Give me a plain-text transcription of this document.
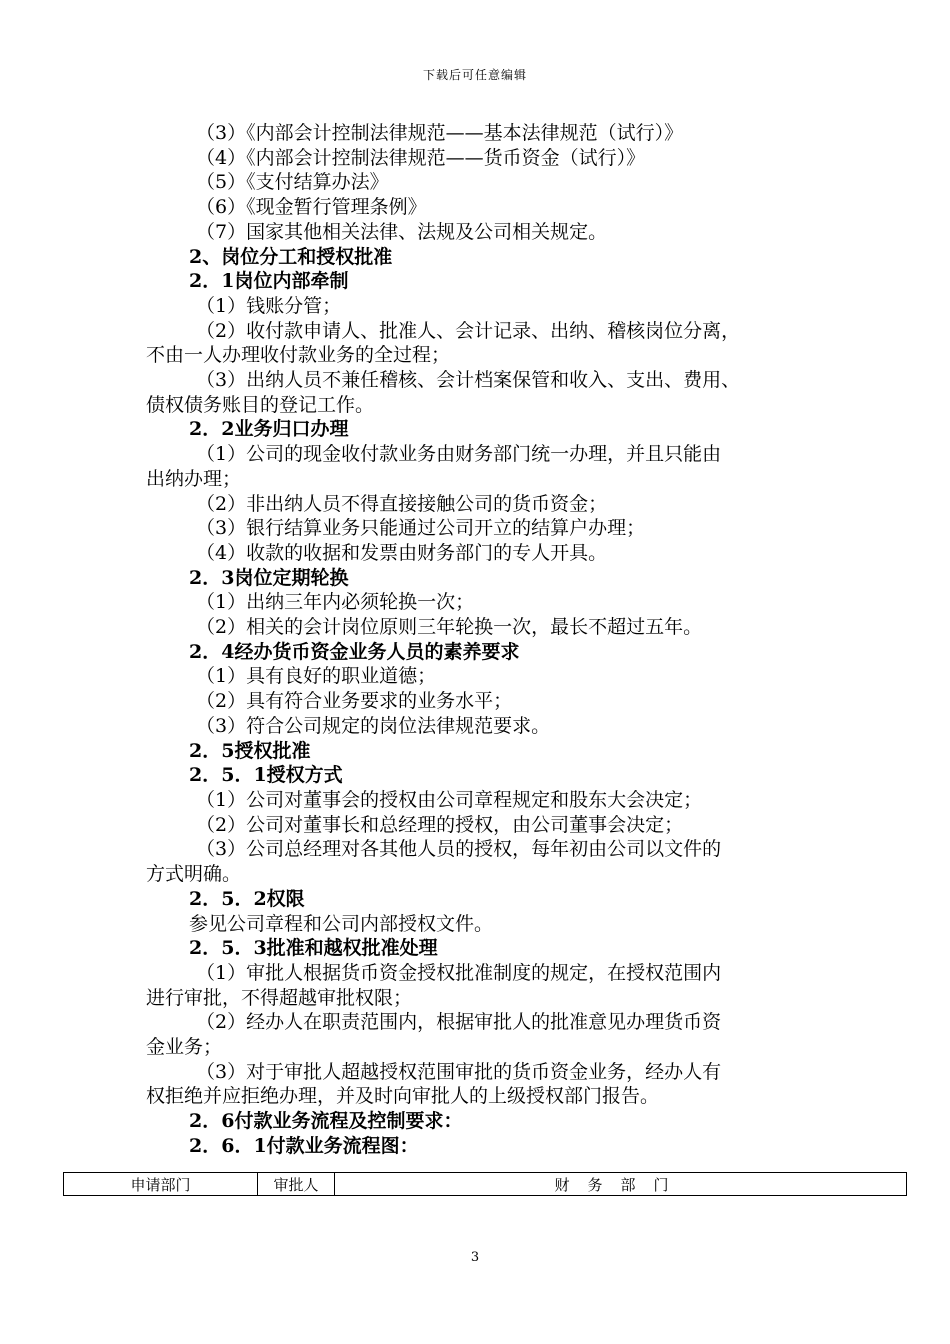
下载后可任意编辑
（3）《内部会计控制法律规范——基本法律规范（试行）》
（4）《内部会计控制法律规范——货币资金（试行）》
（5）《支付结算办法》
（6）《现金暂行管理条例》
（7）国家其他相关法律、法规及公司相关规定。
2、岗位分工和授权批准
2．1岗位内部牵制
（1）钱账分管；
（2）收付款申请人、批准人、会计记录、出纳、稽核岗位分离，
不由一人办理收付款业务的全过程；
（3）出纳人员不兼任稽核、会计档案保管和收入、支出、费用、
债权债务账目的登记工作。
2．2业务归口办理
（1）公司的现金收付款业务由财务部门统一办理，并且只能由
出纳办理；
（2）非出纳人员不得直接接触公司的货币资金；
（3）银行结算业务只能通过公司开立的结算户办理；
（4）收款的收据和发票由财务部门的专人开具。
2．3岗位定期轮换
（1）出纳三年内必须轮换一次；
（2）相关的会计岗位原则三年轮换一次，最长不超过五年。
2．4经办货币资金业务人员的素养要求
（1）具有良好的职业道德；
（2）具有符合业务要求的业务水平；
（3）符合公司规定的岗位法律规范要求。
2．5授权批准
2．5．1授权方式
（1）公司对董事会的授权由公司章程规定和股东大会决定；
（2）公司对董事长和总经理的授权，由公司董事会决定；
（3）公司总经理对各其他人员的授权，每年初由公司以文件的
方式明确。
2．5．2权限
参见公司章程和公司内部授权文件。
2．5．3批准和越权批准处理
（1）审批人根据货币资金授权批准制度的规定，在授权范围内
进行审批，不得超越审批权限；
（2）经办人在职责范围内，根据审批人的批准意见办理货币资
金业务；
（3）对于审批人超越授权范围审批的货币资金业务，经办人有
权拒绝并应拒绝办理，并及时向审批人的上级授权部门报告。
2．6付款业务流程及控制要求：
2．6．1付款业务流程图：
申请部门	审批人	财务部门
3
